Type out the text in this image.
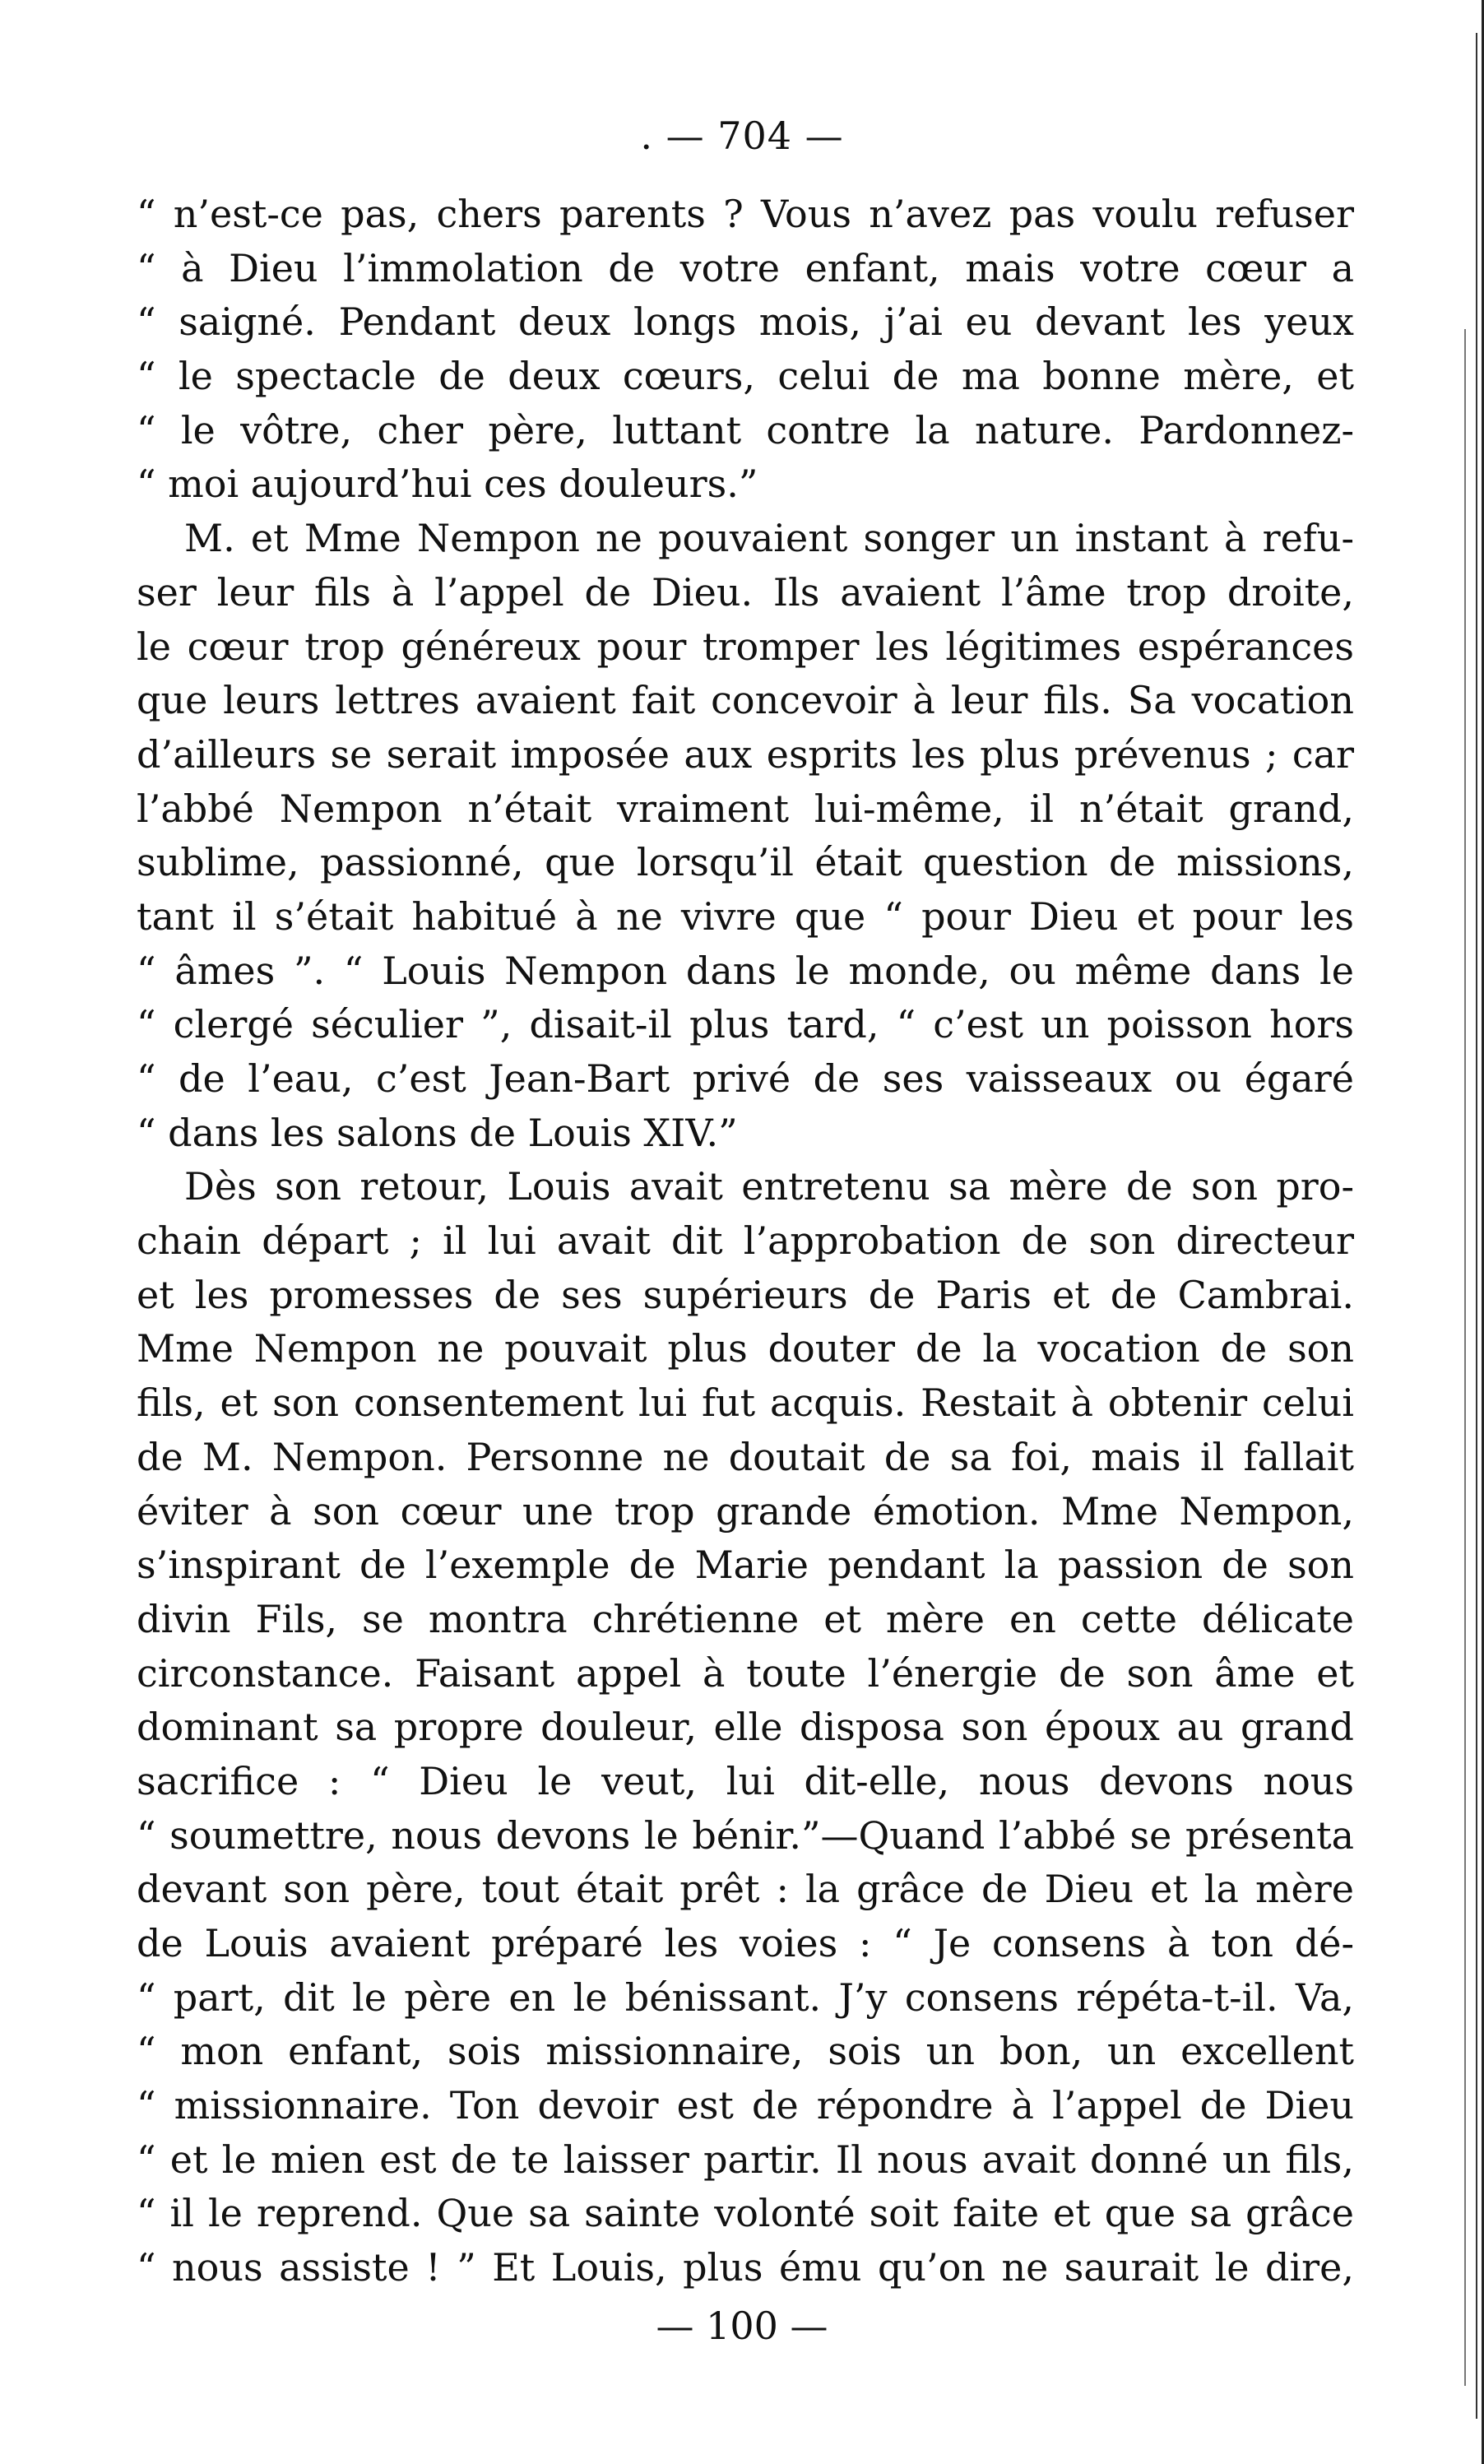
. — 704 —
“ n’est-ce pas, chers parents ? Vous n’avez pas voulu refuser
“ à Dieu l’immolation de votre enfant, mais votre cœur a
“ saigné. Pendant deux longs mois, j’ai eu devant les yeux
“ le spectacle de deux cœurs, celui de ma bonne mère, et
“ le vôtre, cher père, luttant contre la nature. Pardonnez-
“ moi aujourd’hui ces douleurs.”
M. et Mme Nempon ne pouvaient songer un instant à refu-
ser leur fils à l’appel de Dieu. Ils avaient l’âme trop droite,
le cœur trop généreux pour tromper les légitimes espérances
que leurs lettres avaient fait concevoir à leur fils. Sa vocation
d’ailleurs se serait imposée aux esprits les plus prévenus ; car
l’abbé Nempon n’était vraiment lui-même, il n’était grand,
sublime, passionné, que lorsqu’il était question de missions,
tant il s’était habitué à ne vivre que “ pour Dieu et pour les
“ âmes ”. “ Louis Nempon dans le monde, ou même dans le
“ clergé séculier ”, disait-il plus tard, “ c’est un poisson hors
“ de l’eau, c’est Jean-Bart privé de ses vaisseaux ou égaré
“ dans les salons de Louis XIV.”
Dès son retour, Louis avait entretenu sa mère de son pro-
chain départ ; il lui avait dit l’approbation de son directeur
et les promesses de ses supérieurs de Paris et de Cambrai.
Mme Nempon ne pouvait plus douter de la vocation de son
fils, et son consentement lui fut acquis. Restait à obtenir celui
de M. Nempon. Personne ne doutait de sa foi, mais il fallait
éviter à son cœur une trop grande émotion. Mme Nempon,
s’inspirant de l’exemple de Marie pendant la passion de son
divin Fils, se montra chrétienne et mère en cette délicate
circonstance. Faisant appel à toute l’énergie de son âme et
dominant sa propre douleur, elle disposa son époux au grand
sacrifice : “ Dieu le veut, lui dit-elle, nous devons nous
“ soumettre, nous devons le bénir.”—Quand l’abbé se présenta
devant son père, tout était prêt : la grâce de Dieu et la mère
de Louis avaient préparé les voies : “ Je consens à ton dé-
“ part, dit le père en le bénissant. J’y consens répéta-t-il. Va,
“ mon enfant, sois missionnaire, sois un bon, un excellent
“ missionnaire. Ton devoir est de répondre à l’appel de Dieu
“ et le mien est de te laisser partir. Il nous avait donné un fils,
“ il le reprend. Que sa sainte volonté soit faite et que sa grâce
“ nous assiste ! ” Et Louis, plus ému qu’on ne saurait le dire,
— 100 —
